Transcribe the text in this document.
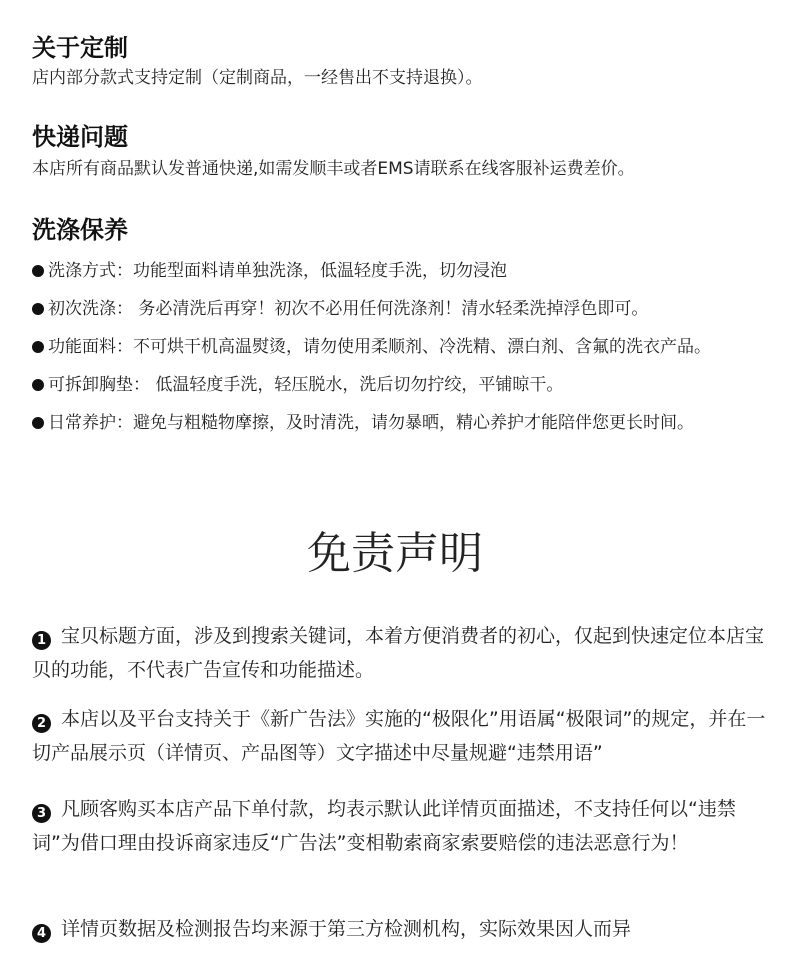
关于定制

店内部分款式支持定制（定制商品，一经售出不支持退换）。

快递问题

本店所有商品默认发普通快递,如需发顺丰或者EMS请联系在线客服补运费差价。

洗涤保养
洗涤方式：功能型面料请单独洗涤，低温轻度手洗，切勿浸泡
初次洗涤： 务必清洗后再穿！初次不必用任何洗涤剂！清水轻柔洗掉浮色即可。
功能面料：不可烘干机高温熨烫，请勿使用柔顺剂、冷洗精、漂白剂、含氟的洗衣产品。
可拆卸胸垫： 低温轻度手洗，轻压脱水，洗后切勿拧绞，平铺晾干。
日常养护：避免与粗糙物摩擦，及时清洗，请勿暴晒，精心养护才能陪伴您更长时间。
免责声明

1 宝贝标题方面，涉及到搜索关键词，本着方便消费者的初心，仅起到快速定位本店宝贝的功能，不代表广告宣传和功能描述。

2 本店以及平台支持关于《新广告法》实施的“极限化”用语属“极限词”的规定，并在一切产品展示页（详情页、产品图等）文字描述中尽量规避“违禁用语”

3 凡顾客购买本店产品下单付款，均表示默认此详情页面描述，不支持任何以“违禁词”为借口理由投诉商家违反“广告法”变相勒索商家索要赔偿的违法恶意行为！

4 详情页数据及检测报告均来源于第三方检测机构，实际效果因人而异
